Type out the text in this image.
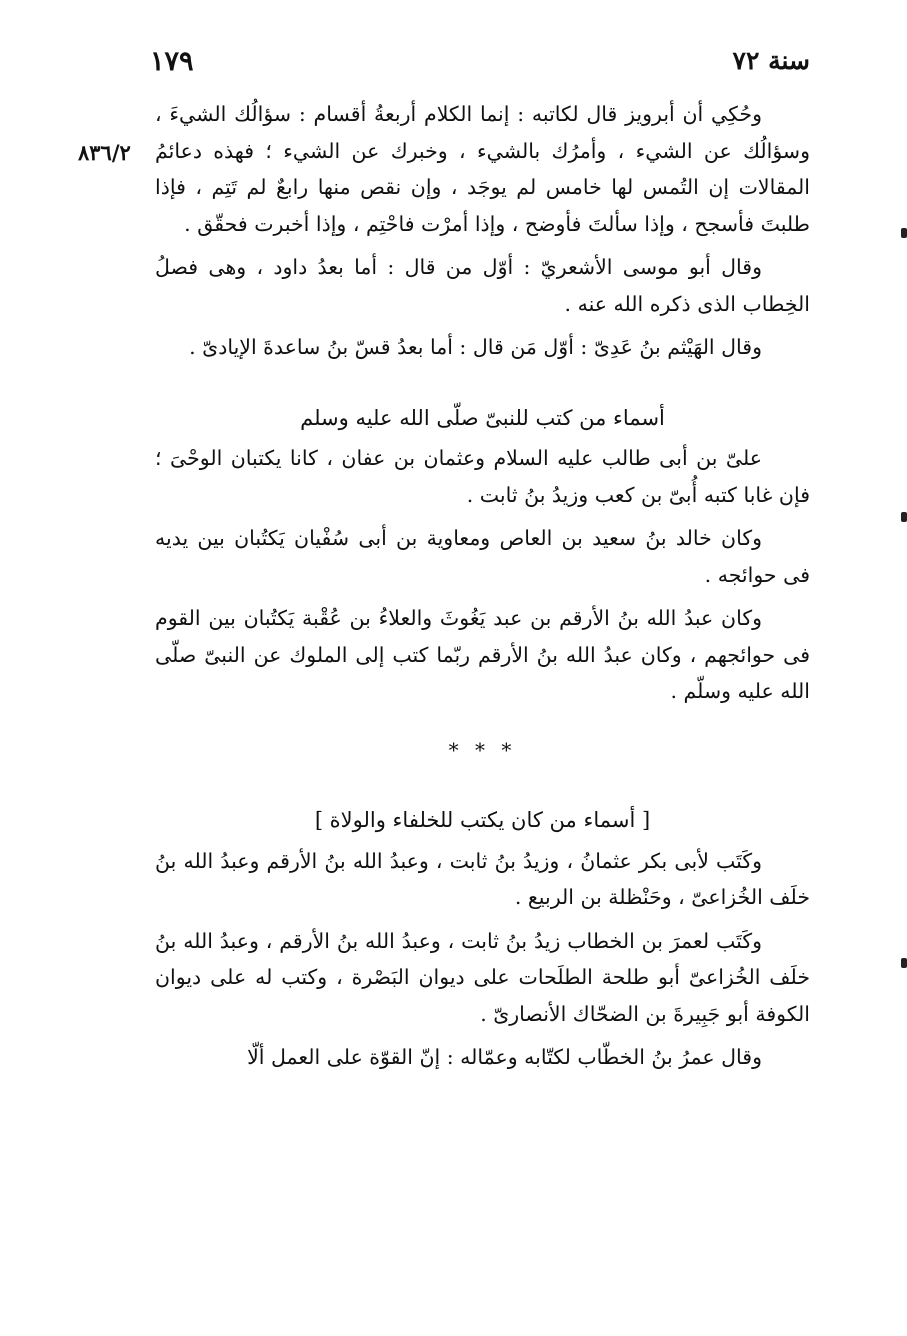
١٧٩	سنة ٧٢
٨٣٦/٢

وحُكِي أن أبرويز قال لكاتبه : إنما الكلام أربعةُ أقسام : سؤالُك الشيءَ ، وسؤالُك عن الشيء ، وأمرُك بالشيء ، وخبرك عن الشيء ؛ فهذه دعائمُ المقالات إن التُمس لها خامس لم يوجَد ، وإن نقص منها رابعٌ لم تَتِم ، فإذا طلبتَ فأسجح ، وإذا سألتَ فأوضح ، وإذا أمرْت فاحْتِم ، وإذا أخبرت فحقّق .

وقال أبو موسى الأشعريّ : أوّل من قال : أما بعدُ داود ، وهى فصلُ الخِطاب الذى ذكره الله عنه .

وقال الهَيْثم بنُ عَدِىّ : أوّل مَن قال : أما بعدُ قسّ بنُ ساعدةَ الإيادىّ .

أسماء من كتب للنبىّ صلّى الله عليه وسلم

علىّ بن أبى طالب عليه السلام وعثمان بن عفان ، كانا يكتبان الوحْىَ ؛ فإن غابا كتبه أُبىّ بن كعب وزيدُ بنُ ثابت .

وكان خالد بنُ سعيد بن العاص ومعاوية بن أبى سُفْيان يَكتُبان بين يديه فى حوائجه .

وكان عبدُ الله بنُ الأرقم بن عبد يَغُوثَ والعلاءُ بن عُقْبة يَكتُبان بين القوم فى حوائجهم ، وكان عبدُ الله بنُ الأرقم ربّما كتب إلى الملوك عن النبىّ صلّى الله عليه وسلّم .

* * *
[ أسماء من كان يكتب للخلفاء والولاة ]

وكَتَب لأبى بكر عثمانُ ، وزيدُ بنُ ثابت ، وعبدُ الله بنُ الأرقم وعبدُ الله بنُ خلَف الخُزاعىّ ، وحَنْظلة بن الربيع .

وكَتَب لعمرَ بن الخطاب زيدُ بنُ ثابت ، وعبدُ الله بنُ الأرقم ، وعبدُ الله بنُ خلَف الخُزاعىّ أبو طلحة الطلَحات على ديوان البَصْرة ، وكتب له على ديوان الكوفة أبو جَبِيرةَ بن الضحّاك الأنصارىّ .

وقال عمرُ بنُ الخطّاب لكتّابه وعمّاله : إنّ القوّة على العمل ألّا
